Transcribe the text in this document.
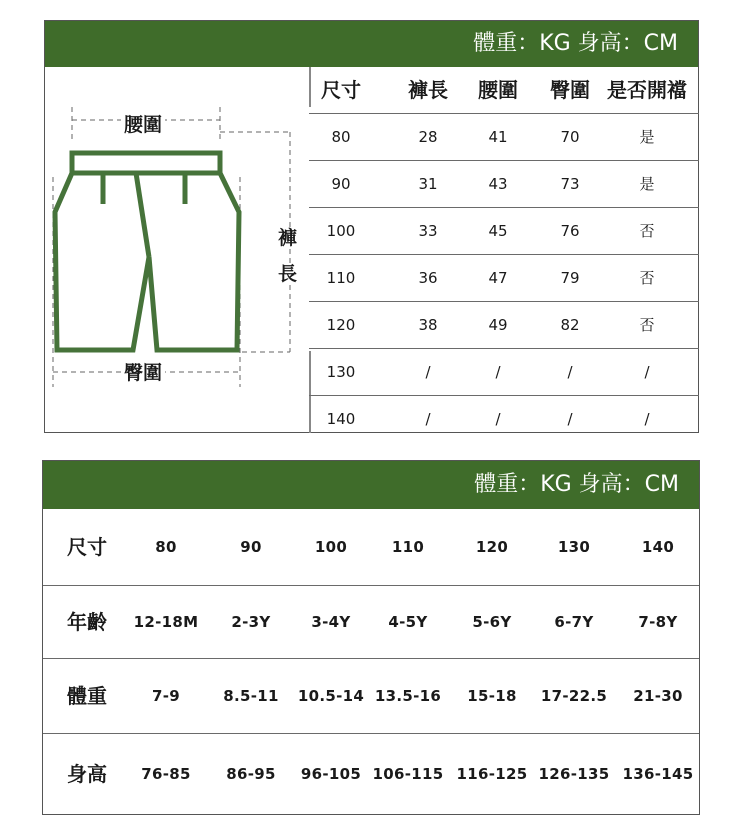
體重：KG 身高：CM
腰圍
臀圍
褲
長
尺寸 褲長 腰圍 臀圍 是否開襠
80	28	41	70	是
90	31	43	73	是
100	33	45	76	否
110	36	47	79	否
120	38	49	82	否
130	/	/	/	/
140	/	/	/	/
體重：KG 身高：CM
尺寸	80	90	100	110	120	130	140
年齡 12-18M 2-3Y	3-4Y	4-5Y	5-6Y	6-7Y	7-8Y
體重	7-9	8.5-11 10.5-14 13.5-16 15-18 17-22.5 21-30
身高 76-85 86-95 96-105 106-115 116-125 126-135 136-145
